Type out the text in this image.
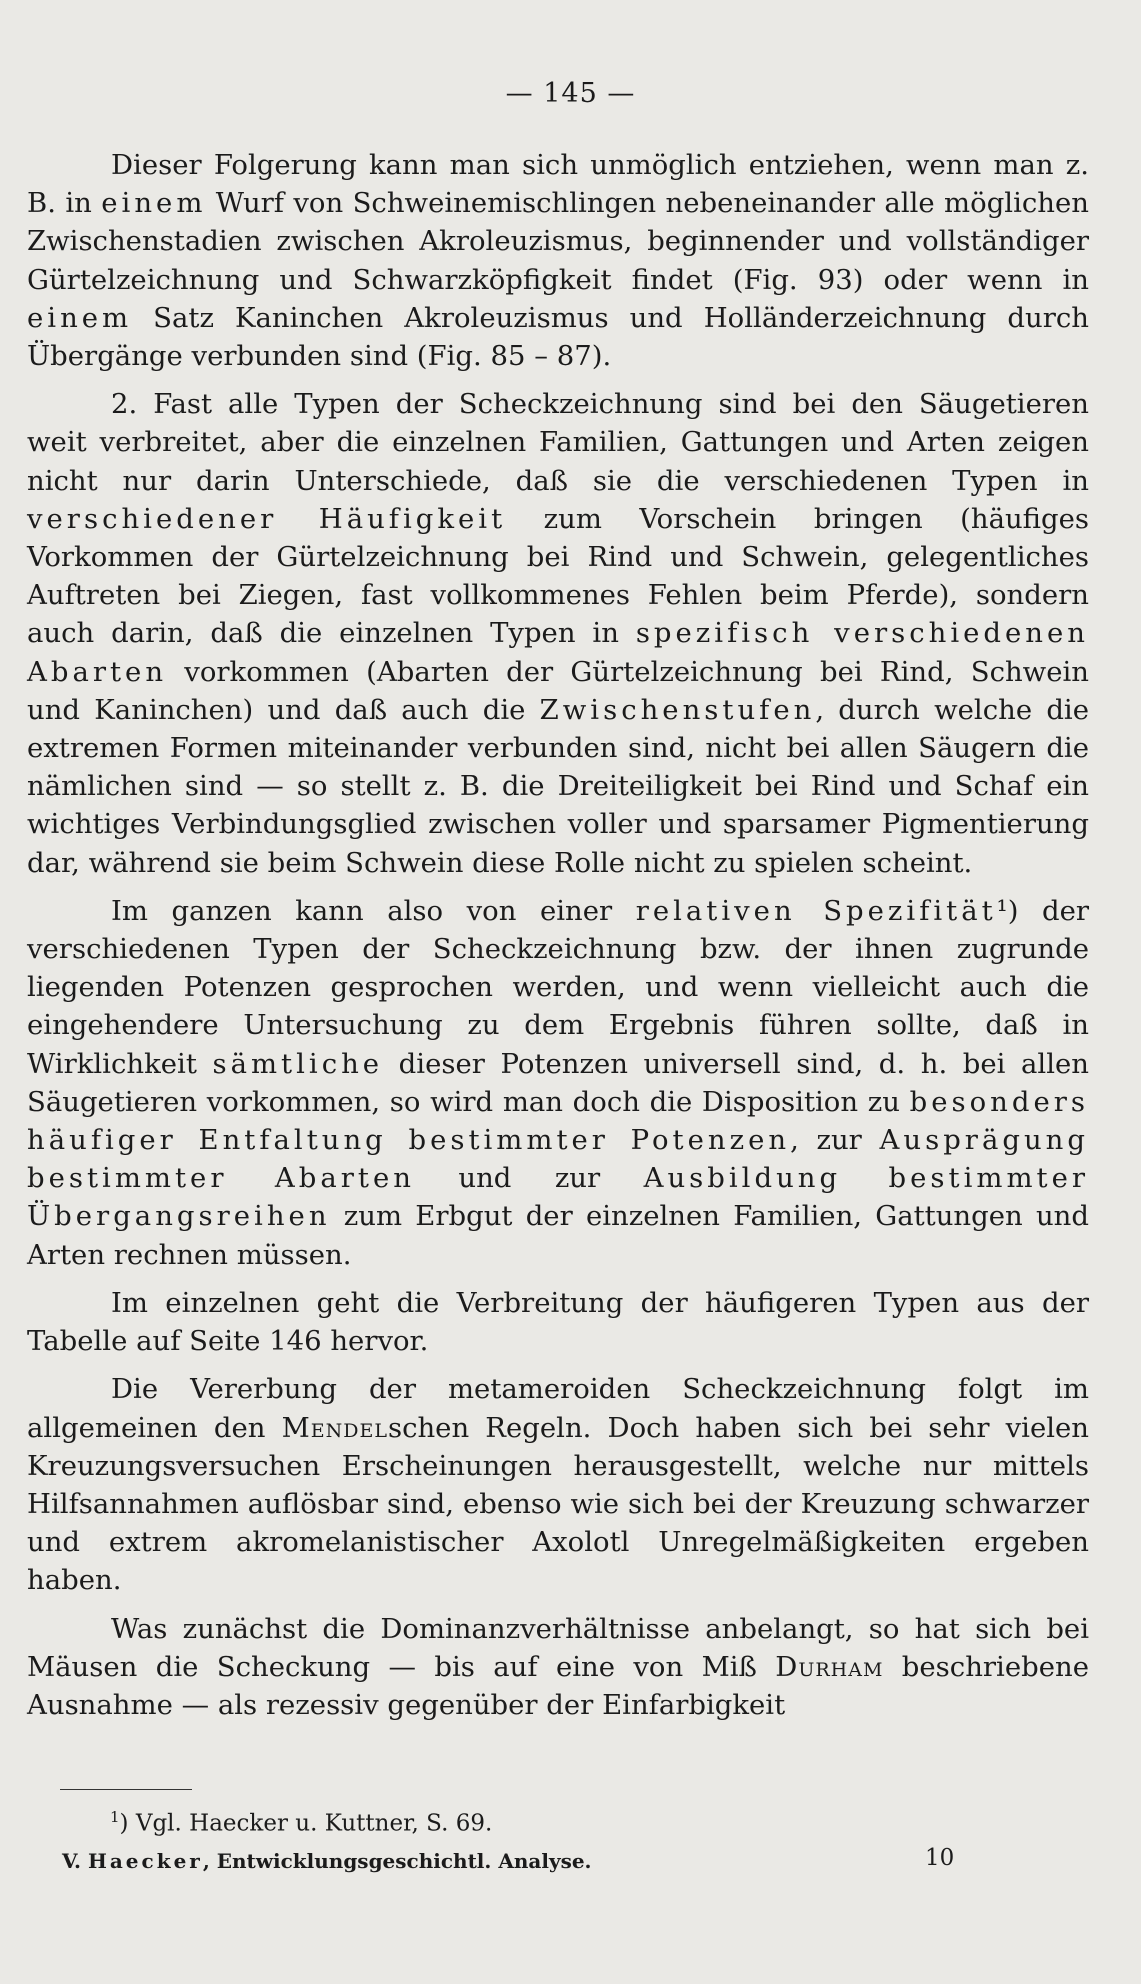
— 145 —

Dieser Folgerung kann man sich unmöglich entziehen, wenn man z. B. in einem Wurf von Schweinemischlingen nebeneinander alle möglichen Zwischenstadien zwischen Akroleuzismus, beginnender und vollständiger Gürtelzeichnung und Schwarzköpfigkeit findet (Fig. 93) oder wenn in einem Satz Kaninchen Akroleuzismus und Holländerzeichnung durch Übergänge verbunden sind (Fig. 85 – 87).

2. Fast alle Typen der Scheckzeichnung sind bei den Säugetieren weit verbreitet, aber die einzelnen Familien, Gattungen und Arten zeigen nicht nur darin Unterschiede, daß sie die verschiedenen Typen in verschiedener Häufigkeit zum Vorschein bringen (häufiges Vorkommen der Gürtelzeichnung bei Rind und Schwein, gelegentliches Auftreten bei Ziegen, fast vollkommenes Fehlen beim Pferde), sondern auch darin, daß die einzelnen Typen in spezifisch verschiedenen Abarten vorkommen (Abarten der Gürtelzeichnung bei Rind, Schwein und Kaninchen) und daß auch die Zwischenstufen, durch welche die extremen Formen miteinander verbunden sind, nicht bei allen Säugern die nämlichen sind — so stellt z. B. die Dreiteiligkeit bei Rind und Schaf ein wichtiges Verbindungsglied zwischen voller und sparsamer Pigmentierung dar, während sie beim Schwein diese Rolle nicht zu spielen scheint.

Im ganzen kann also von einer relativen Spezifität¹) der verschiedenen Typen der Scheckzeichnung bzw. der ihnen zugrunde liegenden Potenzen gesprochen werden, und wenn vielleicht auch die eingehendere Untersuchung zu dem Ergebnis führen sollte, daß in Wirklichkeit sämtliche dieser Potenzen universell sind, d. h. bei allen Säugetieren vorkommen, so wird man doch die Disposition zu besonders häufiger Entfaltung bestimmter Potenzen, zur Ausprägung bestimmter Abarten und zur Ausbildung bestimmter Übergangsreihen zum Erbgut der einzelnen Familien, Gattungen und Arten rechnen müssen.

Im einzelnen geht die Verbreitung der häufigeren Typen aus der Tabelle auf Seite 146 hervor.

Die Vererbung der metameroiden Scheckzeichnung folgt im allgemeinen den Mendelschen Regeln. Doch haben sich bei sehr vielen Kreuzungsversuchen Erscheinungen herausgestellt, welche nur mittels Hilfsannahmen auflösbar sind, ebenso wie sich bei der Kreuzung schwarzer und extrem akromelanistischer Axolotl Unregelmäßigkeiten ergeben haben.

Was zunächst die Dominanzverhältnisse anbelangt, so hat sich bei Mäusen die Scheckung — bis auf eine von Miß Durham beschriebene Ausnahme — als rezessiv gegenüber der Einfarbigkeit

$^1$) Vgl. Haecker u. Kuttner, S. 69.
V. Haecker, Entwicklungsgeschichtl. Analyse.	10
